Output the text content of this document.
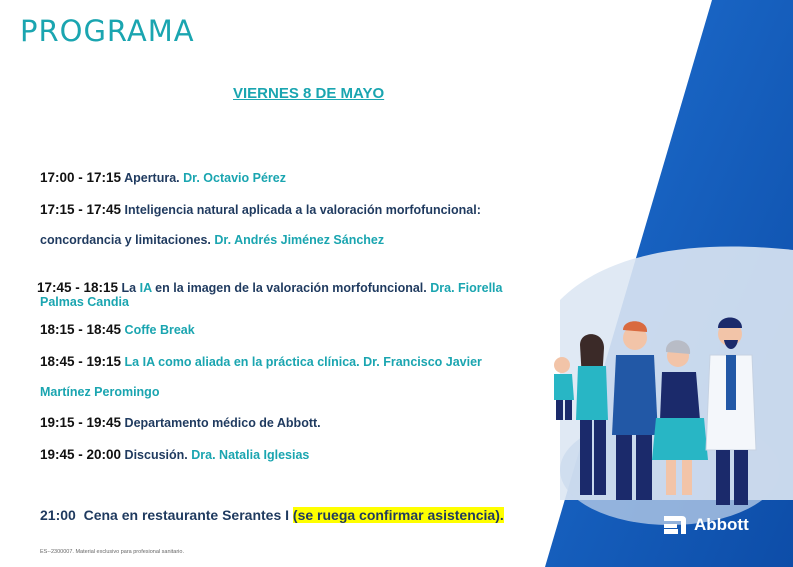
PROGRAMA
VIERNES 8 DE MAYO
17:00 - 17:15 Apertura. Dr. Octavio Pérez
17:15 - 17:45 Inteligencia natural aplicada a la valoración morfofuncional:
concordancia y limitaciones. Dr. Andrés Jiménez Sánchez
17:45 - 18:15 La IA en la imagen de la valoración morfofuncional. Dra. Fiorella
Palmas Candia
18:15 - 18:45 Coffe Break
18:45 - 19:15 La IA como aliada en la práctica clínica. Dr. Francisco Javier
Martínez Peromingo
19:15 - 19:45 Departamento médico de Abbott.
19:45 - 20:00 Discusión. Dra. Natalia Iglesias
21:00 Cena en restaurante Serantes I (se ruega confirmar asistencia).
ES--2300007. Material exclusivo para profesional sanitario.
Abbott
